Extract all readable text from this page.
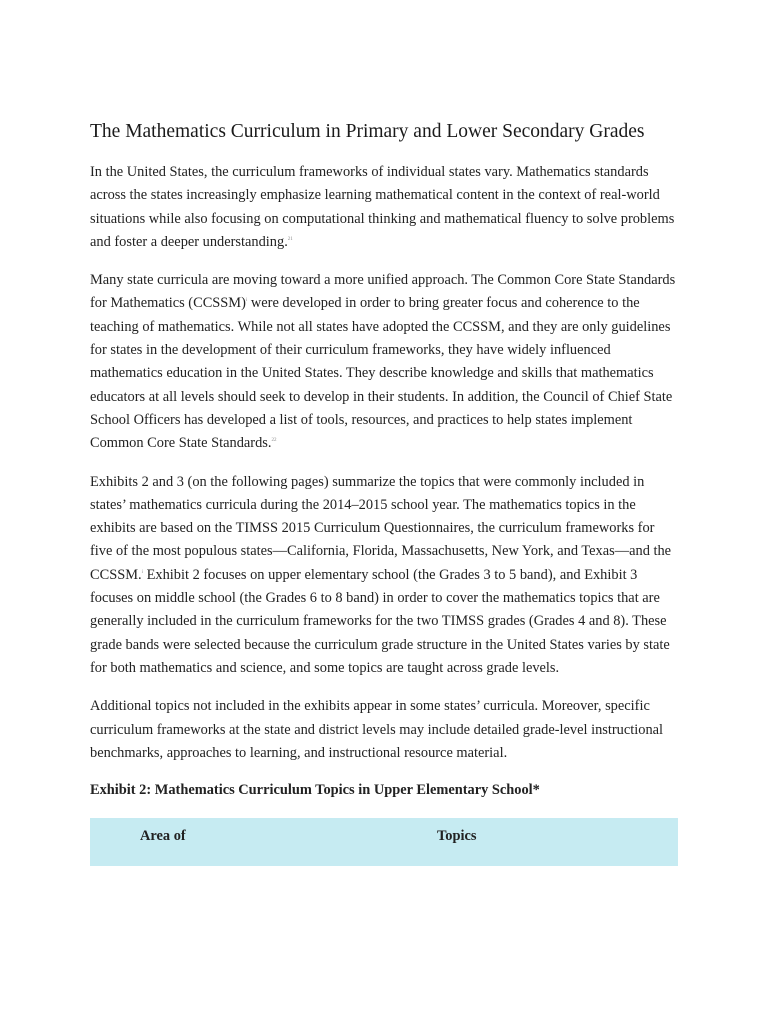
The Mathematics Curriculum in Primary and Lower Secondary Grades

In the United States, the curriculum frameworks of individual states vary. Mathematics standards across the states increasingly emphasize learning mathematical content in the context of real-world situations while also focusing on computational thinking and mathematical fluency to solve problems and foster a deeper understanding.$^{21}$

Many state curricula are moving toward a more unified approach. The Common Core State Standards for Mathematics (CCSSM)$^i$ were developed in order to bring greater focus and coherence to the teaching of mathematics. While not all states have adopted the CCSSM, and they are only guidelines for states in the development of their curriculum frameworks, they have widely influenced mathematics education in the United States. They describe knowledge and skills that mathematics educators at all levels should seek to develop in their students. In addition, the Council of Chief State School Officers has developed a list of tools, resources, and practices to help states implement Common Core State Standards.$^{22}$

Exhibits 2 and 3 (on the following pages) summarize the topics that were commonly included in states’ mathematics curricula during the 2014–2015 school year. The mathematics topics in the exhibits are based on the TIMSS 2015 Curriculum Questionnaires, the curriculum frameworks for five of the most populous states—California, Florida, Massachusetts, New York, and Texas—and the CCSSM.$^i$ Exhibit 2 focuses on upper elementary school (the Grades 3 to 5 band), and Exhibit 3 focuses on middle school (the Grades 6 to 8 band) in order to cover the mathematics topics that are generally included in the curriculum frameworks for the two TIMSS grades (Grades 4 and 8). These grade bands were selected because the curriculum grade structure in the United States varies by state for both mathematics and science, and some topics are taught across grade levels.

Additional topics not included in the exhibits appear in some states’ curricula. Moreover, specific curriculum frameworks at the state and district levels may include detailed grade-level instructional benchmarks, approaches to learning, and instructional resource material.

Exhibit 2: Mathematics Curriculum Topics in Upper Elementary School*
Area of	Topics
